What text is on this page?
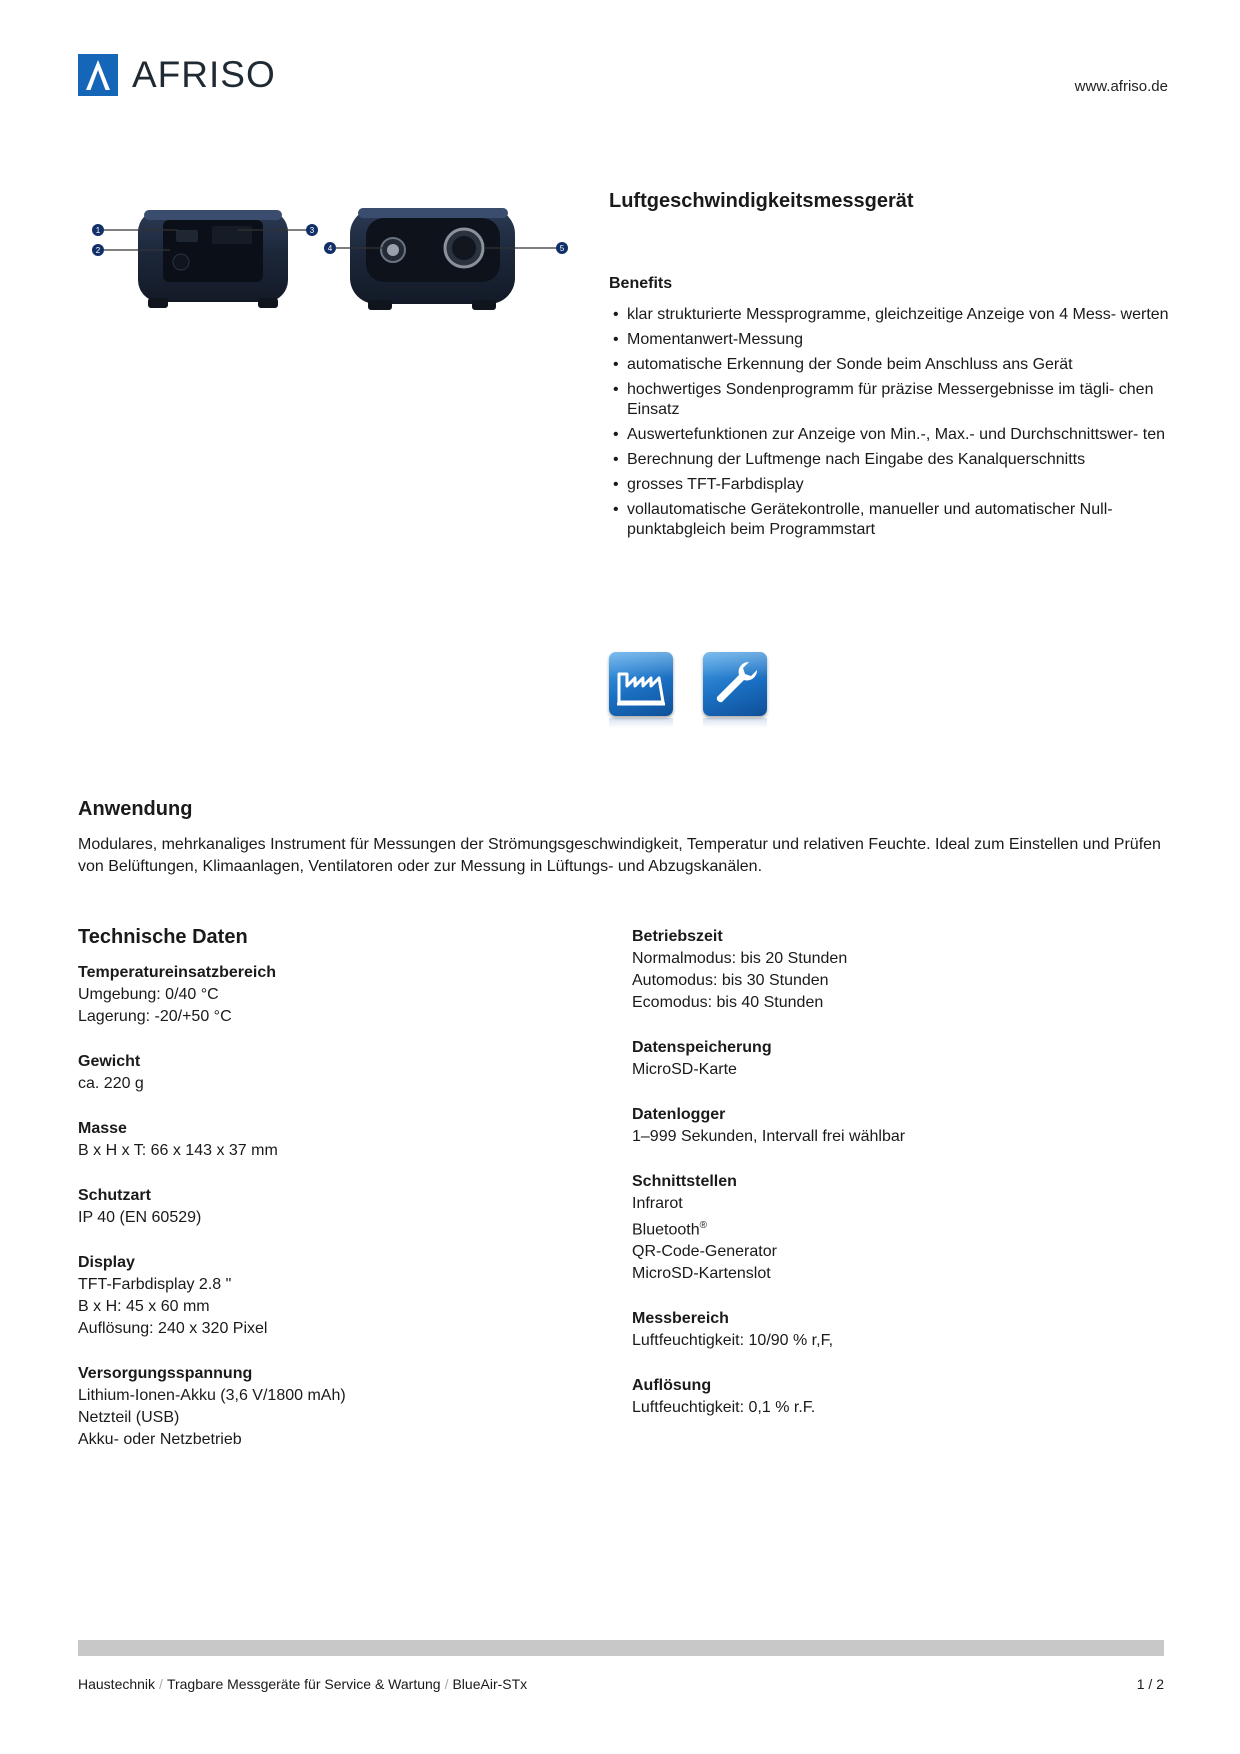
AFRISO	www.afriso.de
1
2
3
4	5
Luftgeschwindigkeitsmessgerät
Benefits
• klar strukturierte Messprogramme, gleichzeitige Anzeige von 4 Mess- werten
• Momentanwert-Messung
• automatische Erkennung der Sonde beim Anschluss ans Gerät
• hochwertiges Sondenprogramm für präzise Messergebnisse im tägli- chen Einsatz
• Auswertefunktionen zur Anzeige von Min.-, Max.- und Durchschnittswer- ten
• Berechnung der Luftmenge nach Eingabe des Kanalquerschnitts
• grosses TFT-Farbdisplay
• vollautomatische Gerätekontrolle, manueller und automatischer Null- punktabgleich beim Programmstart
Anwendung
Modulares, mehrkanaliges Instrument für Messungen der Strömungsgeschwindigkeit, Temperatur und relativen Feuchte. Ideal zum Einstellen und Prüfen von Belüftungen, Klimaanlagen, Ventilatoren oder zur Messung in Lüftungs- und Abzugskanälen.
Technische Daten
Temperatureinsatzbereich
Umgebung: 0/40 °C
Lagerung: -20/+50 °C
Gewicht
ca. 220 g
Masse
B x H x T: 66 x 143 x 37 mm
Schutzart
IP 40 (EN 60529)
Display
TFT-Farbdisplay 2.8 "
B x H: 45 x 60 mm
Auflösung: 240 x 320 Pixel
Versorgungsspannung
Lithium-Ionen-Akku (3,6 V/1800 mAh)
Netzteil (USB)
Akku- oder Netzbetrieb
Betriebszeit
Normalmodus: bis 20 Stunden
Automodus: bis 30 Stunden
Ecomodus: bis 40 Stunden
Datenspeicherung
MicroSD-Karte
Datenlogger
1–999 Sekunden, Intervall frei wählbar
Schnittstellen
Infrarot
Bluetooth®
QR-Code-Generator
MicroSD-Kartenslot
Messbereich
Luftfeuchtigkeit: 10/90 % r,F,
Auflösung
Luftfeuchtigkeit: 0,1 % r.F.
Haustechnik / Tragbare Messgeräte für Service & Wartung / BlueAir-STx	1 / 2
